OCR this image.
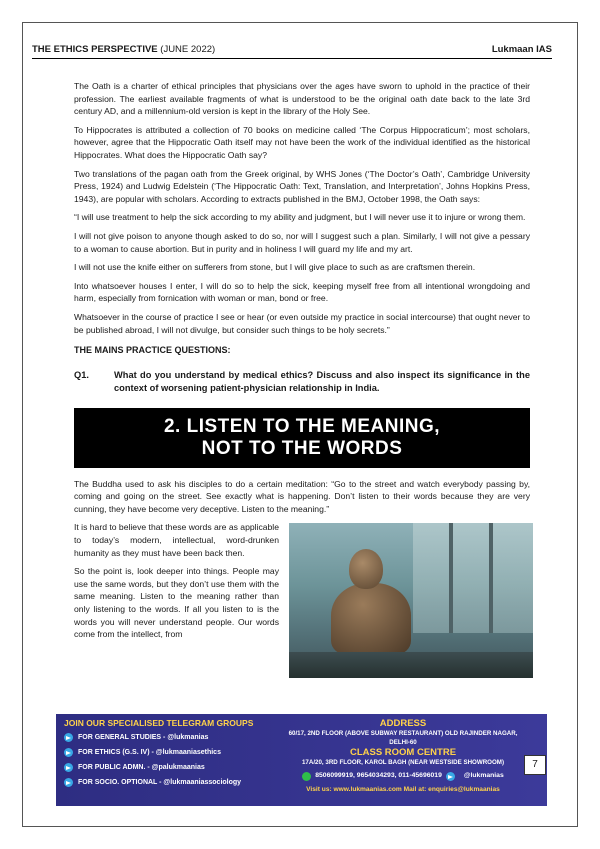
THE ETHICS PERSPECTIVE (JUNE 2022)	Lukmaan IAS

The Oath is a charter of ethical principles that physicians over the ages have sworn to uphold in the practice of their profession. The earliest available fragments of what is understood to be the original oath date back to the late 3rd century AD, and a millennium-old version is kept in the library of the Holy See.

To Hippocrates is attributed a collection of 70 books on medicine called ‘The Corpus Hippocraticum’; most scholars, however, agree that the Hippocratic Oath itself may not have been the work of the individual identified as the historical Hippocrates. What does the Hippocratic Oath say?

Two translations of the pagan oath from the Greek original, by WHS Jones (‘The Doctor’s Oath’, Cambridge University Press, 1924) and Ludwig Edelstein (‘The Hippocratic Oath: Text, Translation, and Interpretation’, Johns Hopkins Press, 1943), are popular with scholars. According to extracts published in the BMJ, October 1998, the Oath says:

“I will use treatment to help the sick according to my ability and judgment, but I will never use it to injure or wrong them.

I will not give poison to anyone though asked to do so, nor will I suggest such a plan. Similarly, I will not give a pessary to a woman to cause abortion. But in purity and in holiness I will guard my life and my art.

I will not use the knife either on sufferers from stone, but I will give place to such as are craftsmen therein.

Into whatsoever houses I enter, I will do so to help the sick, keeping myself free from all intentional wrongdoing and harm, especially from fornication with woman or man, bond or free.

Whatsoever in the course of practice I see or hear (or even outside my practice in social intercourse) that ought never to be published abroad, I will not divulge, but consider such things to be holy secrets.”

THE MAINS PRACTICE QUESTIONS:

Q1.	What do you understand by medical ethics? Discuss and also inspect its significance in the context of worsening patient-physician relationship in India.
2. LISTEN TO THE MEANING,
NOT TO THE WORDS

The Buddha used to ask his disciples to do a certain meditation: “Go to the street and watch everybody passing by, coming and going on the street. See exactly what is happening. Don’t listen to their words because they are very cunning, they have become very deceptive. Listen to the meaning.”

It is hard to believe that these words are as applicable to today’s modern, intellectual, word-drunken humanity as they must have been back then.

So the point is, look deeper into things. People may use the same words, but they don’t use them with the same meaning. Listen to the meaning rather than only listening to the words. If all you listen to is the words you will never understand people. Our words come from the intellect, from

JOIN OUR SPECIALISED TELEGRAM GROUPS
FOR GENERAL STUDIES - @lukmanias
FOR ETHICS (G.S. IV) - @lukmaaniasethics
FOR PUBLIC ADMN. - @palukmaanias
FOR SOCIO. OPTIONAL - @lukmaaniassociology
ADDRESS
60/17, 2ND FLOOR (ABOVE SUBWAY RESTAURANT) OLD RAJINDER NAGAR, DELHI-60
CLASS ROOM CENTRE
17A/20, 3RD FLOOR, KAROL BAGH (NEAR WESTSIDE SHOWROOM)
8506099919, 9654034293, 011-45696019	@lukmanias
Visit us: www.lukmaanias.com Mail at: enquiries@lukmaanias
7
